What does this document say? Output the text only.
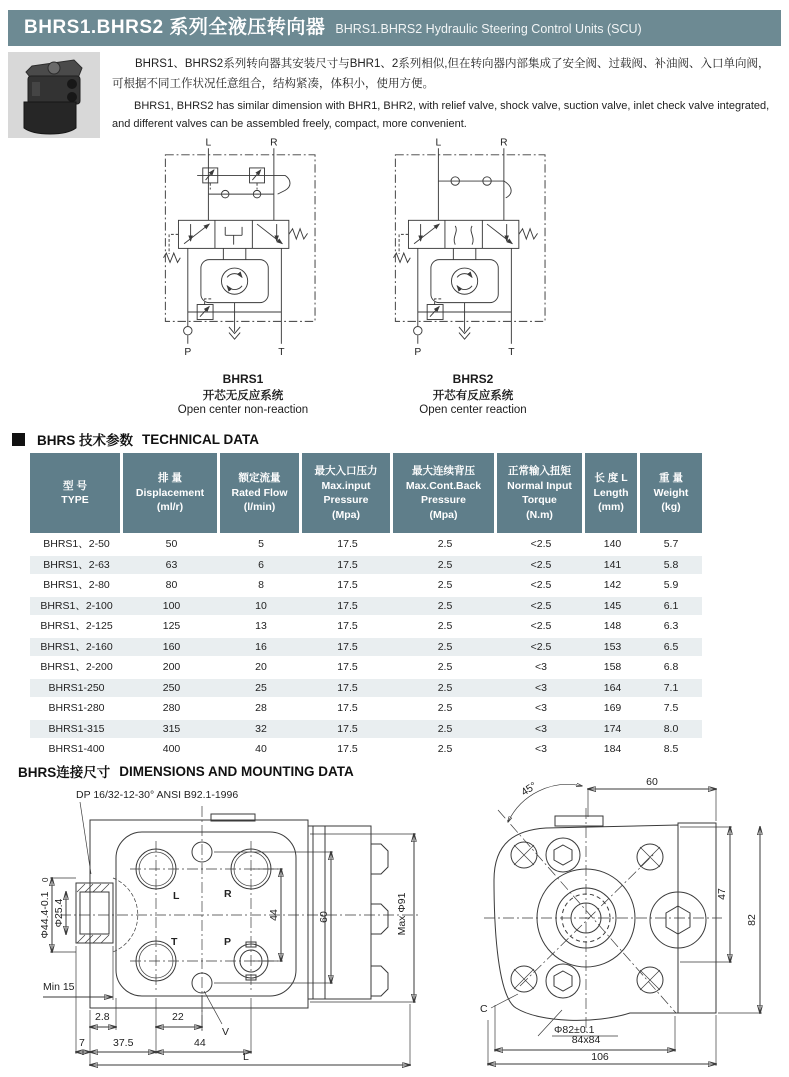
BHRS1.BHRS2 系列全液压转向器 BHRS1.BHRS2 Hydraulic Steering Control Units (SCU)

BHRS1、BHRS2系列转向器其安装尺寸与BHR1、2系列相似,但在转向器内部集成了安全阀、过载阀、补油阀、入口单向阀，可根据不同工作状况任意组合，结构紧凑，体积小，使用方便。

BHRS1, BHRS2 has similar dimension with BHR1, BHR2, with relief valve, shock valve, suction valve, inlet check valve integrated, and different valves can be assembled freely, compact, more convenient.

L	R
P	T
BHRS1
开芯无反应系统
Open center non-reaction
L	R
P	T
BHRS2
开芯有反应系统
Open center reaction
BHRS 技术参数 TECHNICAL DATA
型 号
TYPE
排 量
Displacement
(ml/r)
额定流量
Rated Flow
(l/min)
最大入口压力
Max.input
Pressure
(Mpa)
最大连续背压
Max.Cont.Back
Pressure
(Mpa)
正常输入扭矩
Normal Input
Torque
(N.m)
长 度 L
Length
(mm)
重 量
Weight
(kg)
BHRS1、2-50	50	5	17.5	2.5	<2.5	140	5.7
BHRS1、2-63	63	6	17.5	2.5	<2.5	141	5.8
BHRS1、2-80	80	8	17.5	2.5	<2.5	142	5.9
BHRS1、2-100	100	10	17.5	2.5	<2.5	145	6.1
BHRS1、2-125	125	13	17.5	2.5	<2.5	148	6.3
BHRS1、2-160	160	16	17.5	2.5	<2.5	153	6.5
BHRS1、2-200	200	20	17.5	2.5	<3	158	6.8
BHRS1-250	250	25	17.5	2.5	<3	164	7.1
BHRS1-280	280	28	17.5	2.5	<3	169	7.5
BHRS1-315	315	32	17.5	2.5	<3	174	8.0
BHRS1-400	400	40	17.5	2.5	<3	184	8.5
BHRS连接尺寸 DIMENSIONS AND MOUNTING DATA
DP 16/32-12-30° ANSI B92.1-1996
L	R
T	P
Φ44.4-0.1
0
Φ25.4
Min 15
Max Φ91
44	60
2.8	22
V
7	37.5	44
L
60
45°
47
82
C
Φ82±0.1
84x84
106
